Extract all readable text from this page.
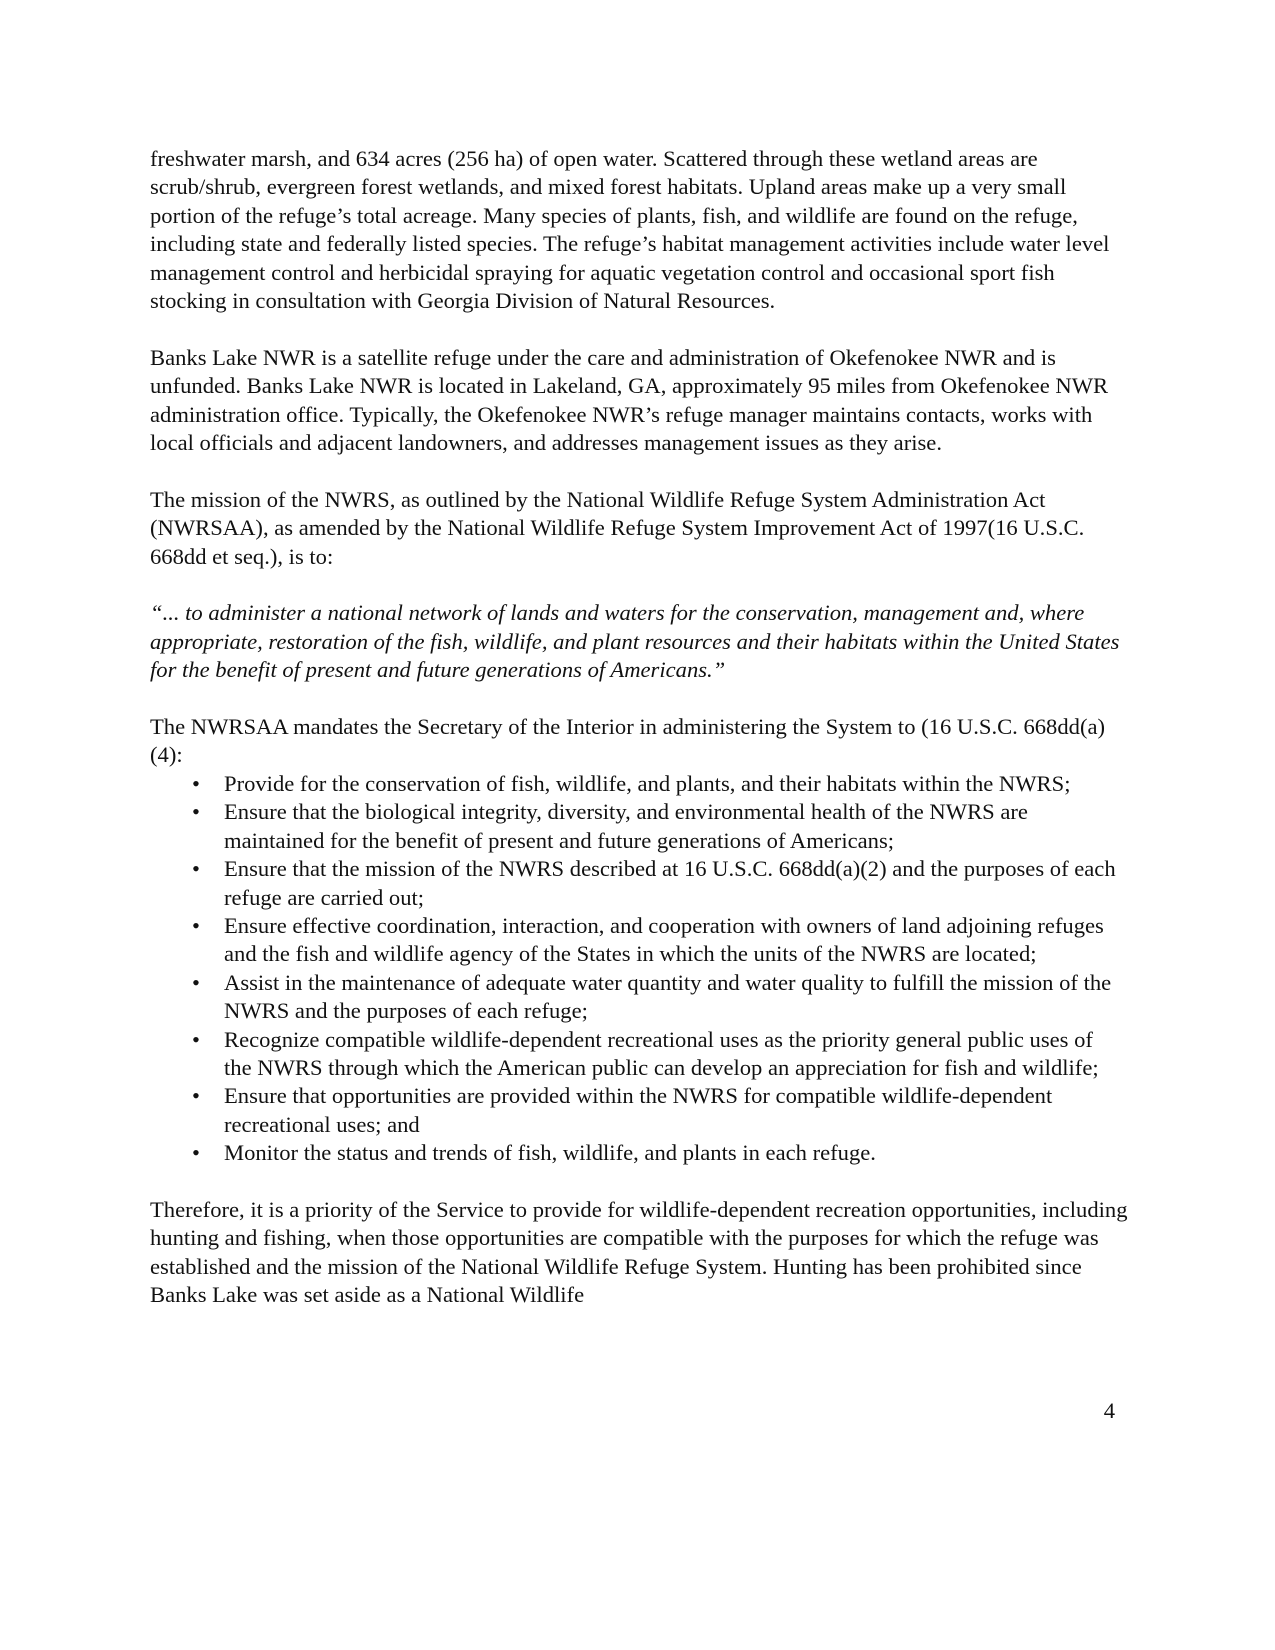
freshwater marsh, and 634 acres (256 ha) of open water. Scattered through these wetland areas are scrub/shrub, evergreen forest wetlands, and mixed forest habitats. Upland areas make up a very small portion of the refuge’s total acreage. Many species of plants, fish, and wildlife are found on the refuge, including state and federally listed species. The refuge’s habitat management activities include water level management control and herbicidal spraying for aquatic vegetation control and occasional sport fish stocking in consultation with Georgia Division of Natural Resources.

Banks Lake NWR is a satellite refuge under the care and administration of Okefenokee NWR and is unfunded. Banks Lake NWR is located in Lakeland, GA, approximately 95 miles from Okefenokee NWR administration office. Typically, the Okefenokee NWR’s refuge manager maintains contacts, works with local officials and adjacent landowners, and addresses management issues as they arise.

The mission of the NWRS, as outlined by the National Wildlife Refuge System Administration Act (NWRSAA), as amended by the National Wildlife Refuge System Improvement Act of 1997(16 U.S.C. 668dd et seq.), is to:

“... to administer a national network of lands and waters for the conservation, management and, where appropriate, restoration of the fish, wildlife, and plant resources and their habitats within the United States for the benefit of present and future generations of Americans.”

The NWRSAA mandates the Secretary of the Interior in administering the System to (16 U.S.C. 668dd(a)(4):

• Provide for the conservation of fish, wildlife, and plants, and their habitats within the NWRS;
• Ensure that the biological integrity, diversity, and environmental health of the NWRS are maintained for the benefit of present and future generations of Americans;
• Ensure that the mission of the NWRS described at 16 U.S.C. 668dd(a)(2) and the purposes of each refuge are carried out;
• Ensure effective coordination, interaction, and cooperation with owners of land adjoining refuges and the fish and wildlife agency of the States in which the units of the NWRS are located;
• Assist in the maintenance of adequate water quantity and water quality to fulfill the mission of the NWRS and the purposes of each refuge;
• Recognize compatible wildlife-dependent recreational uses as the priority general public uses of the NWRS through which the American public can develop an appreciation for fish and wildlife;
• Ensure that opportunities are provided within the NWRS for compatible wildlife-dependent recreational uses; and
• Monitor the status and trends of fish, wildlife, and plants in each refuge.

Therefore, it is a priority of the Service to provide for wildlife-dependent recreation opportunities, including hunting and fishing, when those opportunities are compatible with the purposes for which the refuge was established and the mission of the National Wildlife Refuge System. Hunting has been prohibited since Banks Lake was set aside as a National Wildlife

4
